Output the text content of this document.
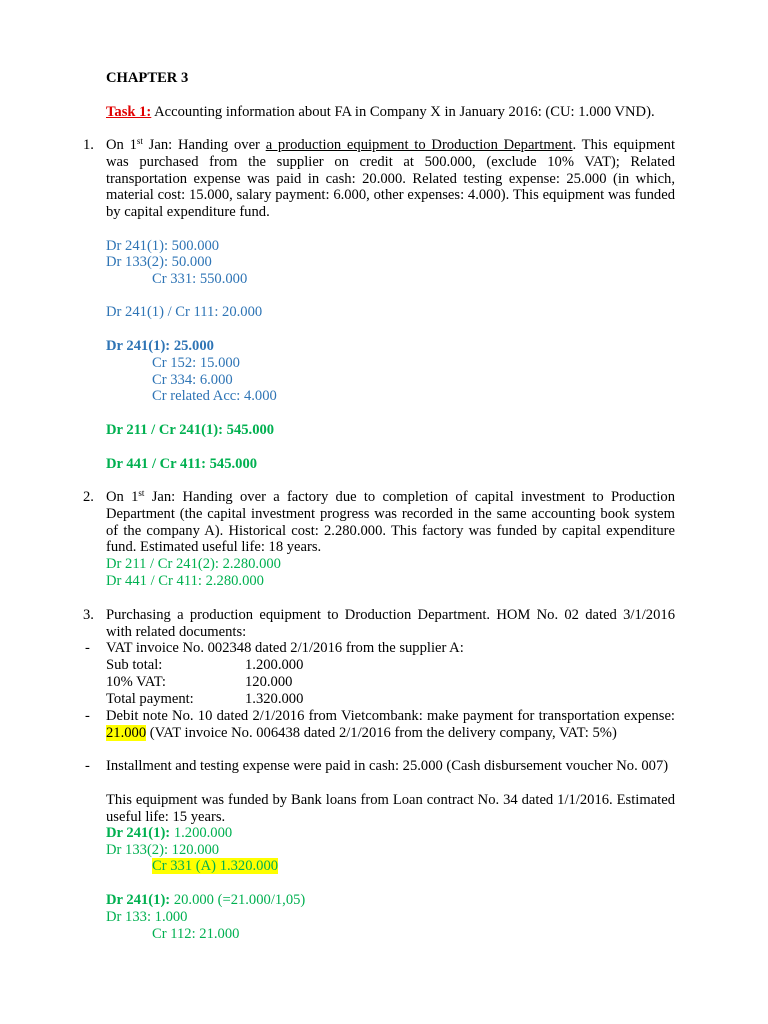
CHAPTER 3

Task 1: Accounting information about FA in Company X in January 2016: (CU: 1.000 VND).

1. On 1st Jan: Handing over a production equipment to Droduction Department. This equipment was purchased from the supplier on credit at 500.000, (exclude 10% VAT); Related transportation expense was paid in cash: 20.000. Related testing expense: 25.000 (in which, material cost: 15.000, salary payment: 6.000, other expenses: 4.000). This equipment was funded by capital expenditure fund.

Dr 241(1): 500.000

Dr 133(2): 50.000

Cr 331: 550.000

Dr 241(1) / Cr 111: 20.000

Dr 241(1): 25.000

Cr 152: 15.000

Cr 334: 6.000

Cr related Acc: 4.000

Dr 211 / Cr 241(1): 545.000

Dr 441 / Cr 411: 545.000

2. On 1st Jan: Handing over a factory due to completion of capital investment to Production Department (the capital investment progress was recorded in the same accounting book system of the company A). Historical cost: 2.280.000. This factory was funded by capital expenditure fund. Estimated useful life: 18 years.

Dr 211 / Cr 241(2): 2.280.000

Dr 441 / Cr 411: 2.280.000

3. Purchasing a production equipment to Droduction Department. HOM No. 02 dated 3/1/2016 with related documents:

- VAT invoice No. 002348 dated 2/1/2016 from the supplier A:

Sub total:	1.200.000

10% VAT:	120.000

Total payment:	1.320.000

- Debit note No. 10 dated 2/1/2016 from Vietcombank: make payment for transportation expense: 21.000 (VAT invoice No. 006438 dated 2/1/2016 from the delivery company, VAT: 5%)

- Installment and testing expense were paid in cash: 25.000 (Cash disbursement voucher No. 007)

This equipment was funded by Bank loans from Loan contract No. 34 dated 1/1/2016. Estimated useful life: 15 years.

Dr 241(1): 1.200.000

Dr 133(2): 120.000

Cr 331 (A) 1.320.000

Dr 241(1): 20.000 (=21.000/1,05)

Dr 133: 1.000

Cr 112: 21.000
